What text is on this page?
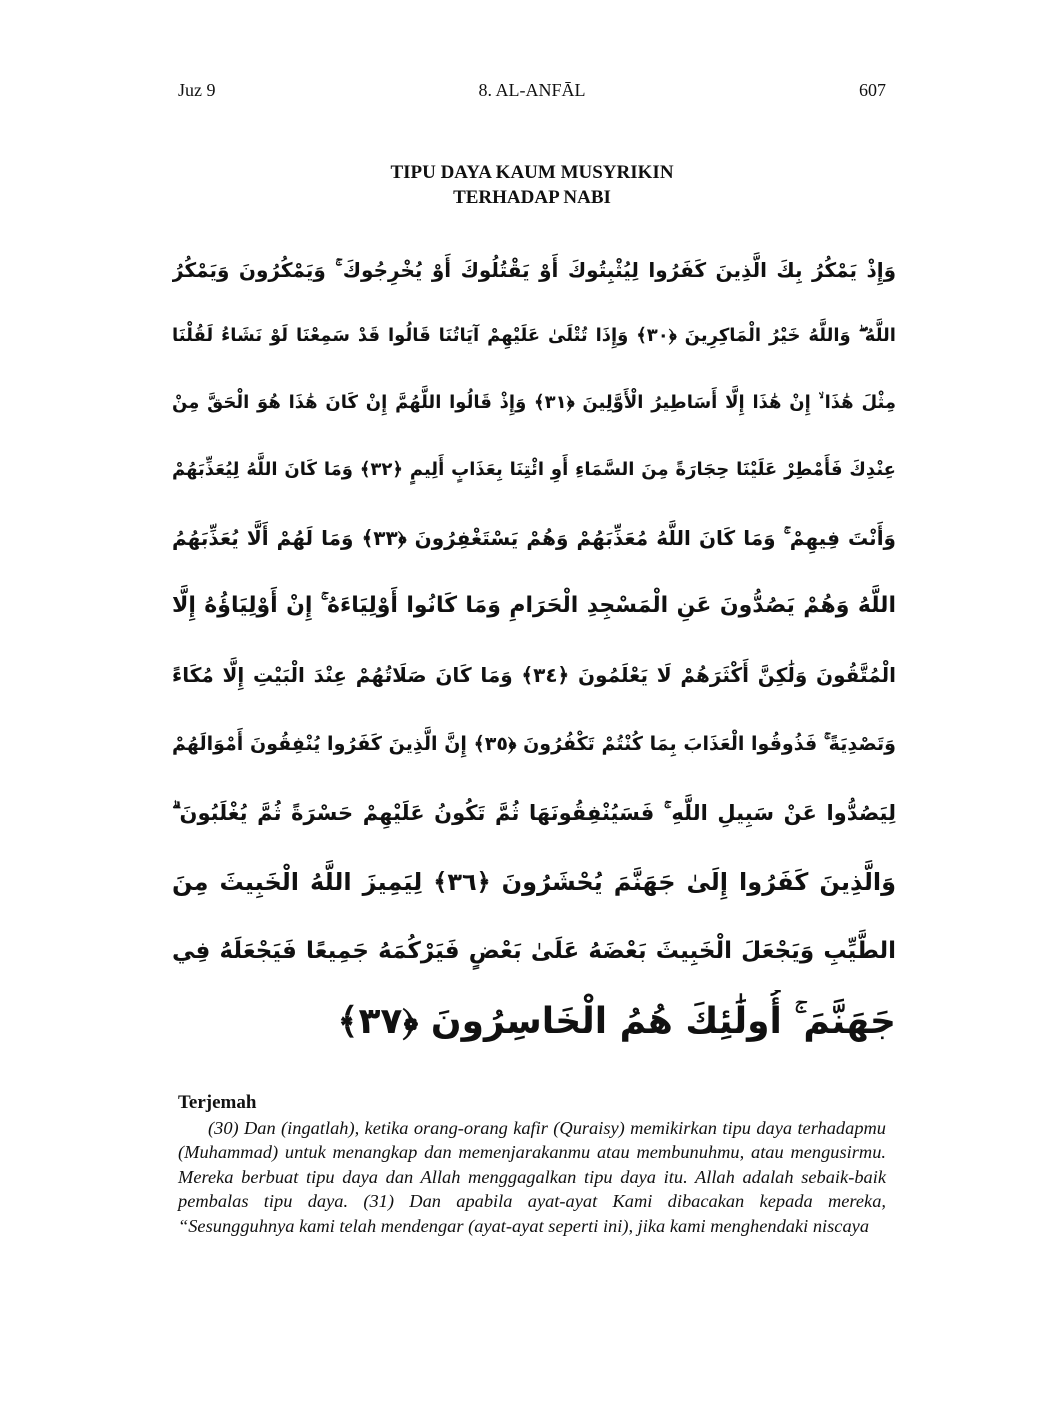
Juz 9	8. AL-ANFĀL	607
TIPU DAYA KAUM MUSYRIKIN
TERHADAP NABI
وَإِذْ يَمْكُرُ بِكَ الَّذِينَ كَفَرُوا لِيُثْبِتُوكَ أَوْ يَقْتُلُوكَ أَوْ يُخْرِجُوكَ ۚ وَيَمْكُرُونَ وَيَمْكُرُ
اللَّهُ ۖ وَاللَّهُ خَيْرُ الْمَاكِرِينَ ﴿٣٠﴾ وَإِذَا تُتْلَىٰ عَلَيْهِمْ آيَاتُنَا قَالُوا قَدْ سَمِعْنَا لَوْ نَشَاءُ لَقُلْنَا
مِثْلَ هَٰذَا ۙ إِنْ هَٰذَا إِلَّا أَسَاطِيرُ الْأَوَّلِينَ ﴿٣١﴾ وَإِذْ قَالُوا اللَّهُمَّ إِنْ كَانَ هَٰذَا هُوَ الْحَقَّ مِنْ
عِنْدِكَ فَأَمْطِرْ عَلَيْنَا حِجَارَةً مِنَ السَّمَاءِ أَوِ ائْتِنَا بِعَذَابٍ أَلِيمٍ ﴿٣٢﴾ وَمَا كَانَ اللَّهُ لِيُعَذِّبَهُمْ
وَأَنْتَ فِيهِمْ ۚ وَمَا كَانَ اللَّهُ مُعَذِّبَهُمْ وَهُمْ يَسْتَغْفِرُونَ ﴿٣٣﴾ وَمَا لَهُمْ أَلَّا يُعَذِّبَهُمُ
اللَّهُ وَهُمْ يَصُدُّونَ عَنِ الْمَسْجِدِ الْحَرَامِ وَمَا كَانُوا أَوْلِيَاءَهُ ۚ إِنْ أَوْلِيَاؤُهُ إِلَّا
الْمُتَّقُونَ وَلَٰكِنَّ أَكْثَرَهُمْ لَا يَعْلَمُونَ ﴿٣٤﴾ وَمَا كَانَ صَلَاتُهُمْ عِنْدَ الْبَيْتِ إِلَّا مُكَاءً
وَتَصْدِيَةً ۚ فَذُوقُوا الْعَذَابَ بِمَا كُنْتُمْ تَكْفُرُونَ ﴿٣٥﴾ إِنَّ الَّذِينَ كَفَرُوا يُنْفِقُونَ أَمْوَالَهُمْ
لِيَصُدُّوا عَنْ سَبِيلِ اللَّهِ ۚ فَسَيُنْفِقُونَهَا ثُمَّ تَكُونُ عَلَيْهِمْ حَسْرَةً ثُمَّ يُغْلَبُونَ ۗ
وَالَّذِينَ كَفَرُوا إِلَىٰ جَهَنَّمَ يُحْشَرُونَ ﴿٣٦﴾ لِيَمِيزَ اللَّهُ الْخَبِيثَ مِنَ
الطَّيِّبِ وَيَجْعَلَ الْخَبِيثَ بَعْضَهُ عَلَىٰ بَعْضٍ فَيَرْكُمَهُ جَمِيعًا فَيَجْعَلَهُ فِي
جَهَنَّمَ ۚ أُولَٰئِكَ هُمُ الْخَاسِرُونَ ﴿٣٧﴾
Terjemah

(30) Dan (ingatlah), ketika orang-orang kafir (Quraisy) memikirkan tipu daya terhadapmu (Muhammad) untuk menangkap dan memenjarakanmu atau membunuhmu, atau mengusirmu. Mereka berbuat tipu daya dan Allah menggagalkan tipu daya itu. Allah adalah sebaik-baik pembalas tipu daya. (31) Dan apabila ayat-ayat Kami dibacakan kepada mereka, “Sesungguhnya kami telah mendengar (ayat-ayat seperti ini), jika kami menghendaki niscaya
